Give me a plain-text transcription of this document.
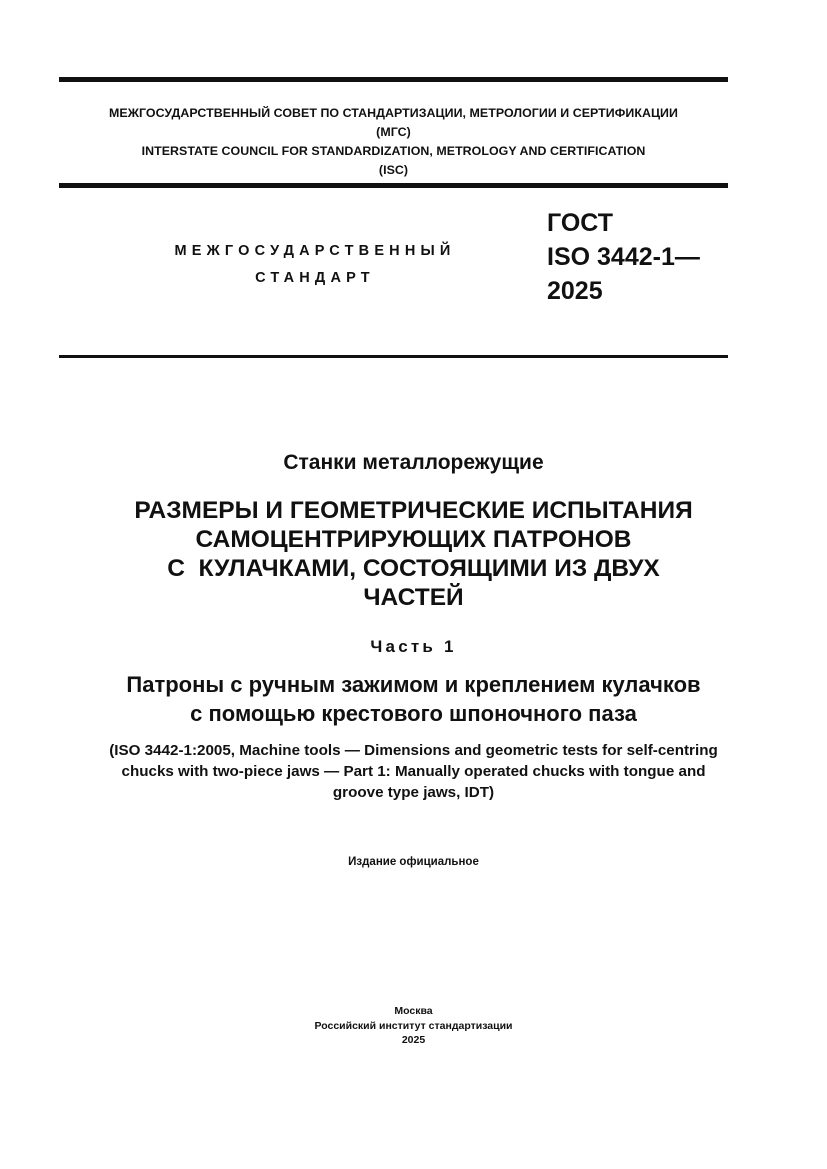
МЕЖГОСУДАРСТВЕННЫЙ СОВЕТ ПО СТАНДАРТИЗАЦИИ, МЕТРОЛОГИИ И СЕРТИФИКАЦИИ
(МГС)
INTERSTATE COUNCIL FOR STANDARDIZATION, METROLOGY AND CERTIFICATION
(ISC)
МЕЖГОСУДАРСТВЕННЫЙ
СТАНДАРТ
ГОСТ
ISO 3442-1—
2025
Станки металлорежущие
РАЗМЕРЫ И ГЕОМЕТРИЧЕСКИЕ ИСПЫТАНИЯ
САМОЦЕНТРИРУЮЩИХ ПАТРОНОВ
С  КУЛАЧКАМИ, СОСТОЯЩИМИ ИЗ ДВУХ
ЧАСТЕЙ
Часть 1
Патроны с ручным зажимом и креплением кулачков
с помощью крестового шпоночного паза
(ISO 3442-1:2005, Machine tools — Dimensions and geometric tests for self-centring
chucks with two-piece jaws — Part 1: Manually operated chucks with tongue and
groove type jaws, IDT)
Издание официальное
Москва
Российский институт стандартизации
2025
